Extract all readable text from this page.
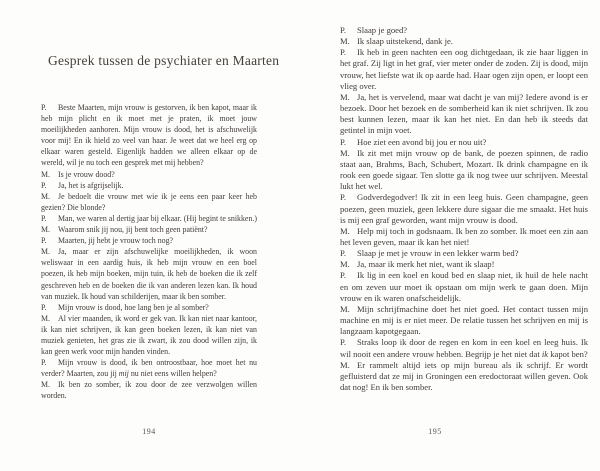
Gesprek tussen de psychiater en Maarten

P. Beste Maarten, mijn vrouw is gestorven, ik ben kapot, maar ik heb mijn plicht en ik moet met je praten, ik moet jouw moeilijkheden aanhoren. Mijn vrouw is dood, het is afschuwelijk voor mij! En ik hield zo veel van haar. Je weet dat we heel erg op elkaar waren gesteld. Eigenlijk hadden we alleen elkaar op de wereld, wil je nu toch een gesprek met mij hebben?

M. Is je vrouw dood?

P. Ja, het is afgrijselijk.

M. Je bedoelt die vrouw met wie ik je eens een paar keer heb gezien? Die blonde?

P. Man, we waren al dertig jaar bij elkaar. (Hij begint te snikken.)

M. Waarom snik jij nou, jij bent toch geen patiënt?

P. Maarten, jij hebt je vrouw toch nog?

M. Ja, maar er zijn afschuwelijke moeilijkheden, ik woon weliswaar in een aardig huis, ik heb mijn vrouw en een boel poezen, ik heb mijn boeken, mijn tuin, ik heb de boeken die ik zelf geschreven heb en de boeken die ik van anderen lezen kan. Ik houd van muziek. Ik houd van schilderijen, maar ik ben somber.

P. Mijn vrouw is dood, hoe lang ben je al somber?

M. Al vier maanden, ik word er gek van. Ik kan niet naar kantoor, ik kan niet schrijven, ik kan geen boeken lezen, ik kan niet van muziek genieten, het gras zie ik zwart, ik zou dood willen zijn, ik kan geen werk voor mijn handen vinden.

P. Mijn vrouw is dood, ik ben ontroostbaar, hoe moet het nu verder? Maarten, zou jij mij nu niet eens willen helpen?

M. Ik ben zo somber, ik zou door de zee verzwolgen willen worden.

194

P. Slaap je goed?

M. Ik slaap uitstekend, dank je.

P. Ik heb in geen nachten een oog dichtgedaan, ik zie haar liggen in het graf. Zij ligt in het graf, vier meter onder de zoden. Zij is dood, mijn vrouw, het liefste wat ik op aarde had. Haar ogen zijn open, er loopt een vlieg over.

M. Ja, het is vervelend, maar wat dacht je van mij? Iedere avond is er bezoek. Door het bezoek en de somberheid kan ik niet schrijven. Ik zou best kunnen lezen, maar ik kan het niet. En dan heb ik steeds dat getintel in mijn voet.

P. Hoe ziet een avond bij jou er nou uit?

M. Ik zit met mijn vrouw op de bank, de poezen spinnen, de radio staat aan, Brahms, Bach, Schubert, Mozart. Ik drink champagne en ik rook een goede sigaar. Ten slotte ga ik nog twee uur schrijven. Meestal lukt het wel.

P. Godverdegodver! Ik zit in een leeg huis. Geen champagne, geen poezen, geen muziek, geen lekkere dure sigaar die me smaakt. Het huis is mij een graf geworden, want mijn vrouw is dood.

M. Help mij toch in godsnaam. Ik ben zo somber. Ik moet een zin aan het leven geven, maar ik kan het niet!

P. Slaap je met je vrouw in een lekker warm bed?

M. Ja, maar ik merk het niet, want ik slaap!

P. Ik lig in een koel en koud bed en slaap niet, ik huil de hele nacht en om zeven uur moet ik opstaan om mijn werk te gaan doen. Mijn vrouw en ik waren onafscheidelijk.

M. Mijn schrijfmachine doet het niet goed. Het contact tussen mijn machine en mij is er niet meer. De relatie tussen het schrijven en mij is langzaam kapotgegaan.

P. Straks loop ik door de regen en kom in een koel en leeg huis. Ik wil nooit een andere vrouw hebben. Begrijp je het niet dat ik kapot ben?

M. Er rammelt altijd iets op mijn bureau als ik schrijf. Er wordt gefluisterd dat ze mij in Groningen een eredoctoraat willen geven. Ook dat nog! En ik ben somber.

195
